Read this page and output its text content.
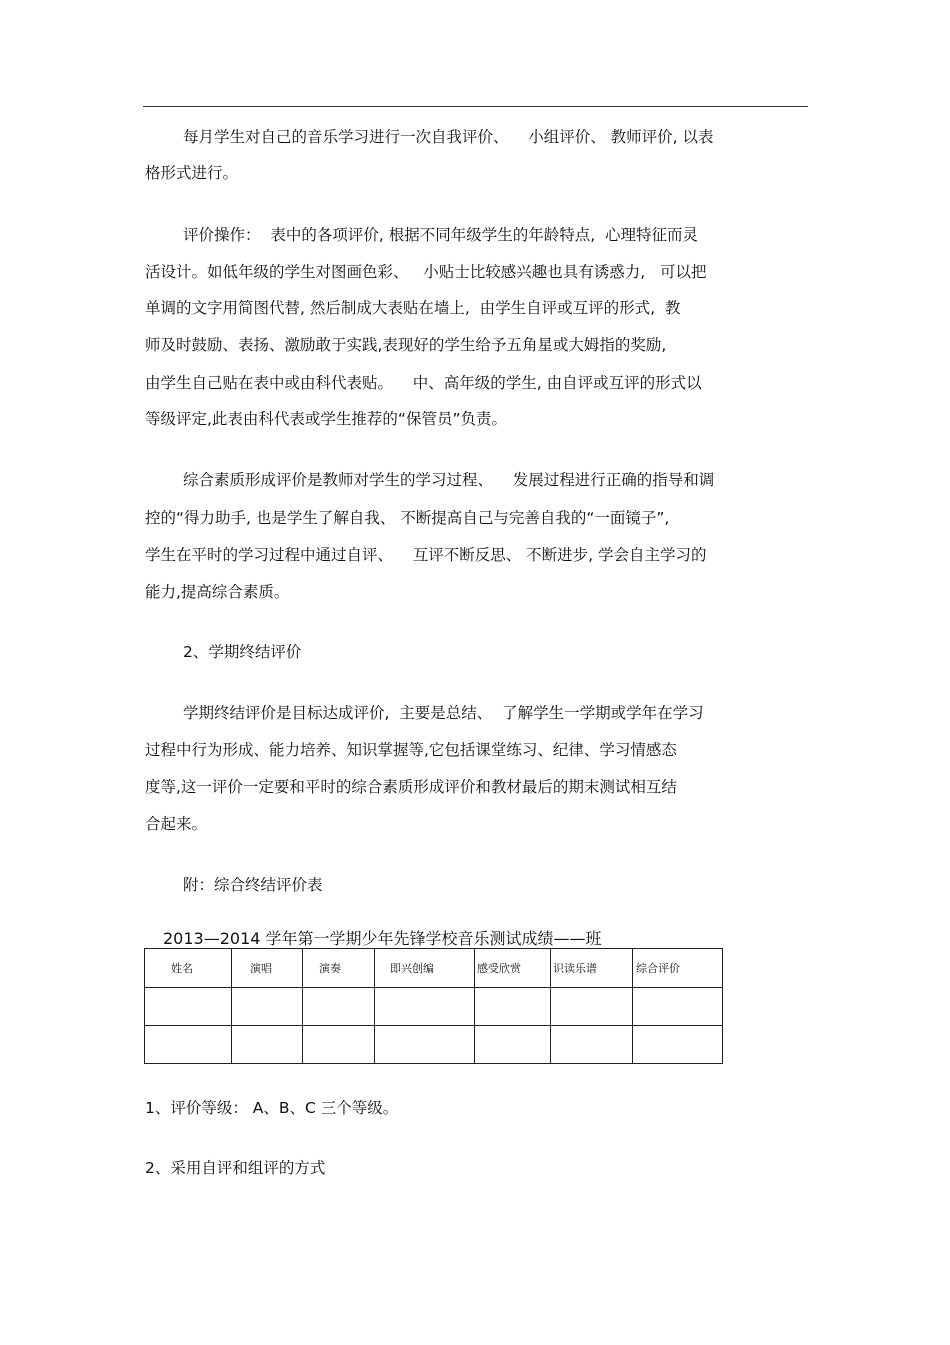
每月学生对自己的音乐学习进行一次自我评价、    小组评价、 教师评价, 以表
格形式进行。
评价操作：  表中的各项评价, 根据不同年级学生的年龄特点,  心理特征而灵
活设计。如低年级的学生对图画色彩、   小贴士比较感兴趣也具有诱惑力,   可以把
单调的文字用简图代替, 然后制成大表贴在墙上,  由学生自评或互评的形式,  教
师及时鼓励、表扬、激励敢于实践,表现好的学生给予五角星或大姆指的奖励,
由学生自己贴在表中或由科代表贴。    中、高年级的学生, 由自评或互评的形式以
等级评定,此表由科代表或学生推荐的“保管员”负责。
综合素质形成评价是教师对学生的学习过程、    发展过程进行正确的指导和调
控的“得力助手, 也是学生了解自我、 不断提高自己与完善自我的“一面镜子”,
学生在平时的学习过程中通过自评、    互评不断反思、 不断进步, 学会自主学习的
能力,提高综合素质。
2、学期终结评价
学期终结评价是目标达成评价,  主要是总结、  了解学生一学期或学年在学习
过程中行为形成、能力培养、知识掌握等,它包括课堂练习、纪律、学习情感态
度等,这一评价一定要和平时的综合素质形成评价和教材最后的期末测试相互结
合起来。
附：综合终结评价表
2013—2014 学年第一学期少年先锋学校音乐测试成绩——班
姓名	演唱	演奏	即兴创编	感受欣赏	识读乐谱	综合评价

1、评价等级： A、B、C 三个等级。
2、采用自评和组评的方式
